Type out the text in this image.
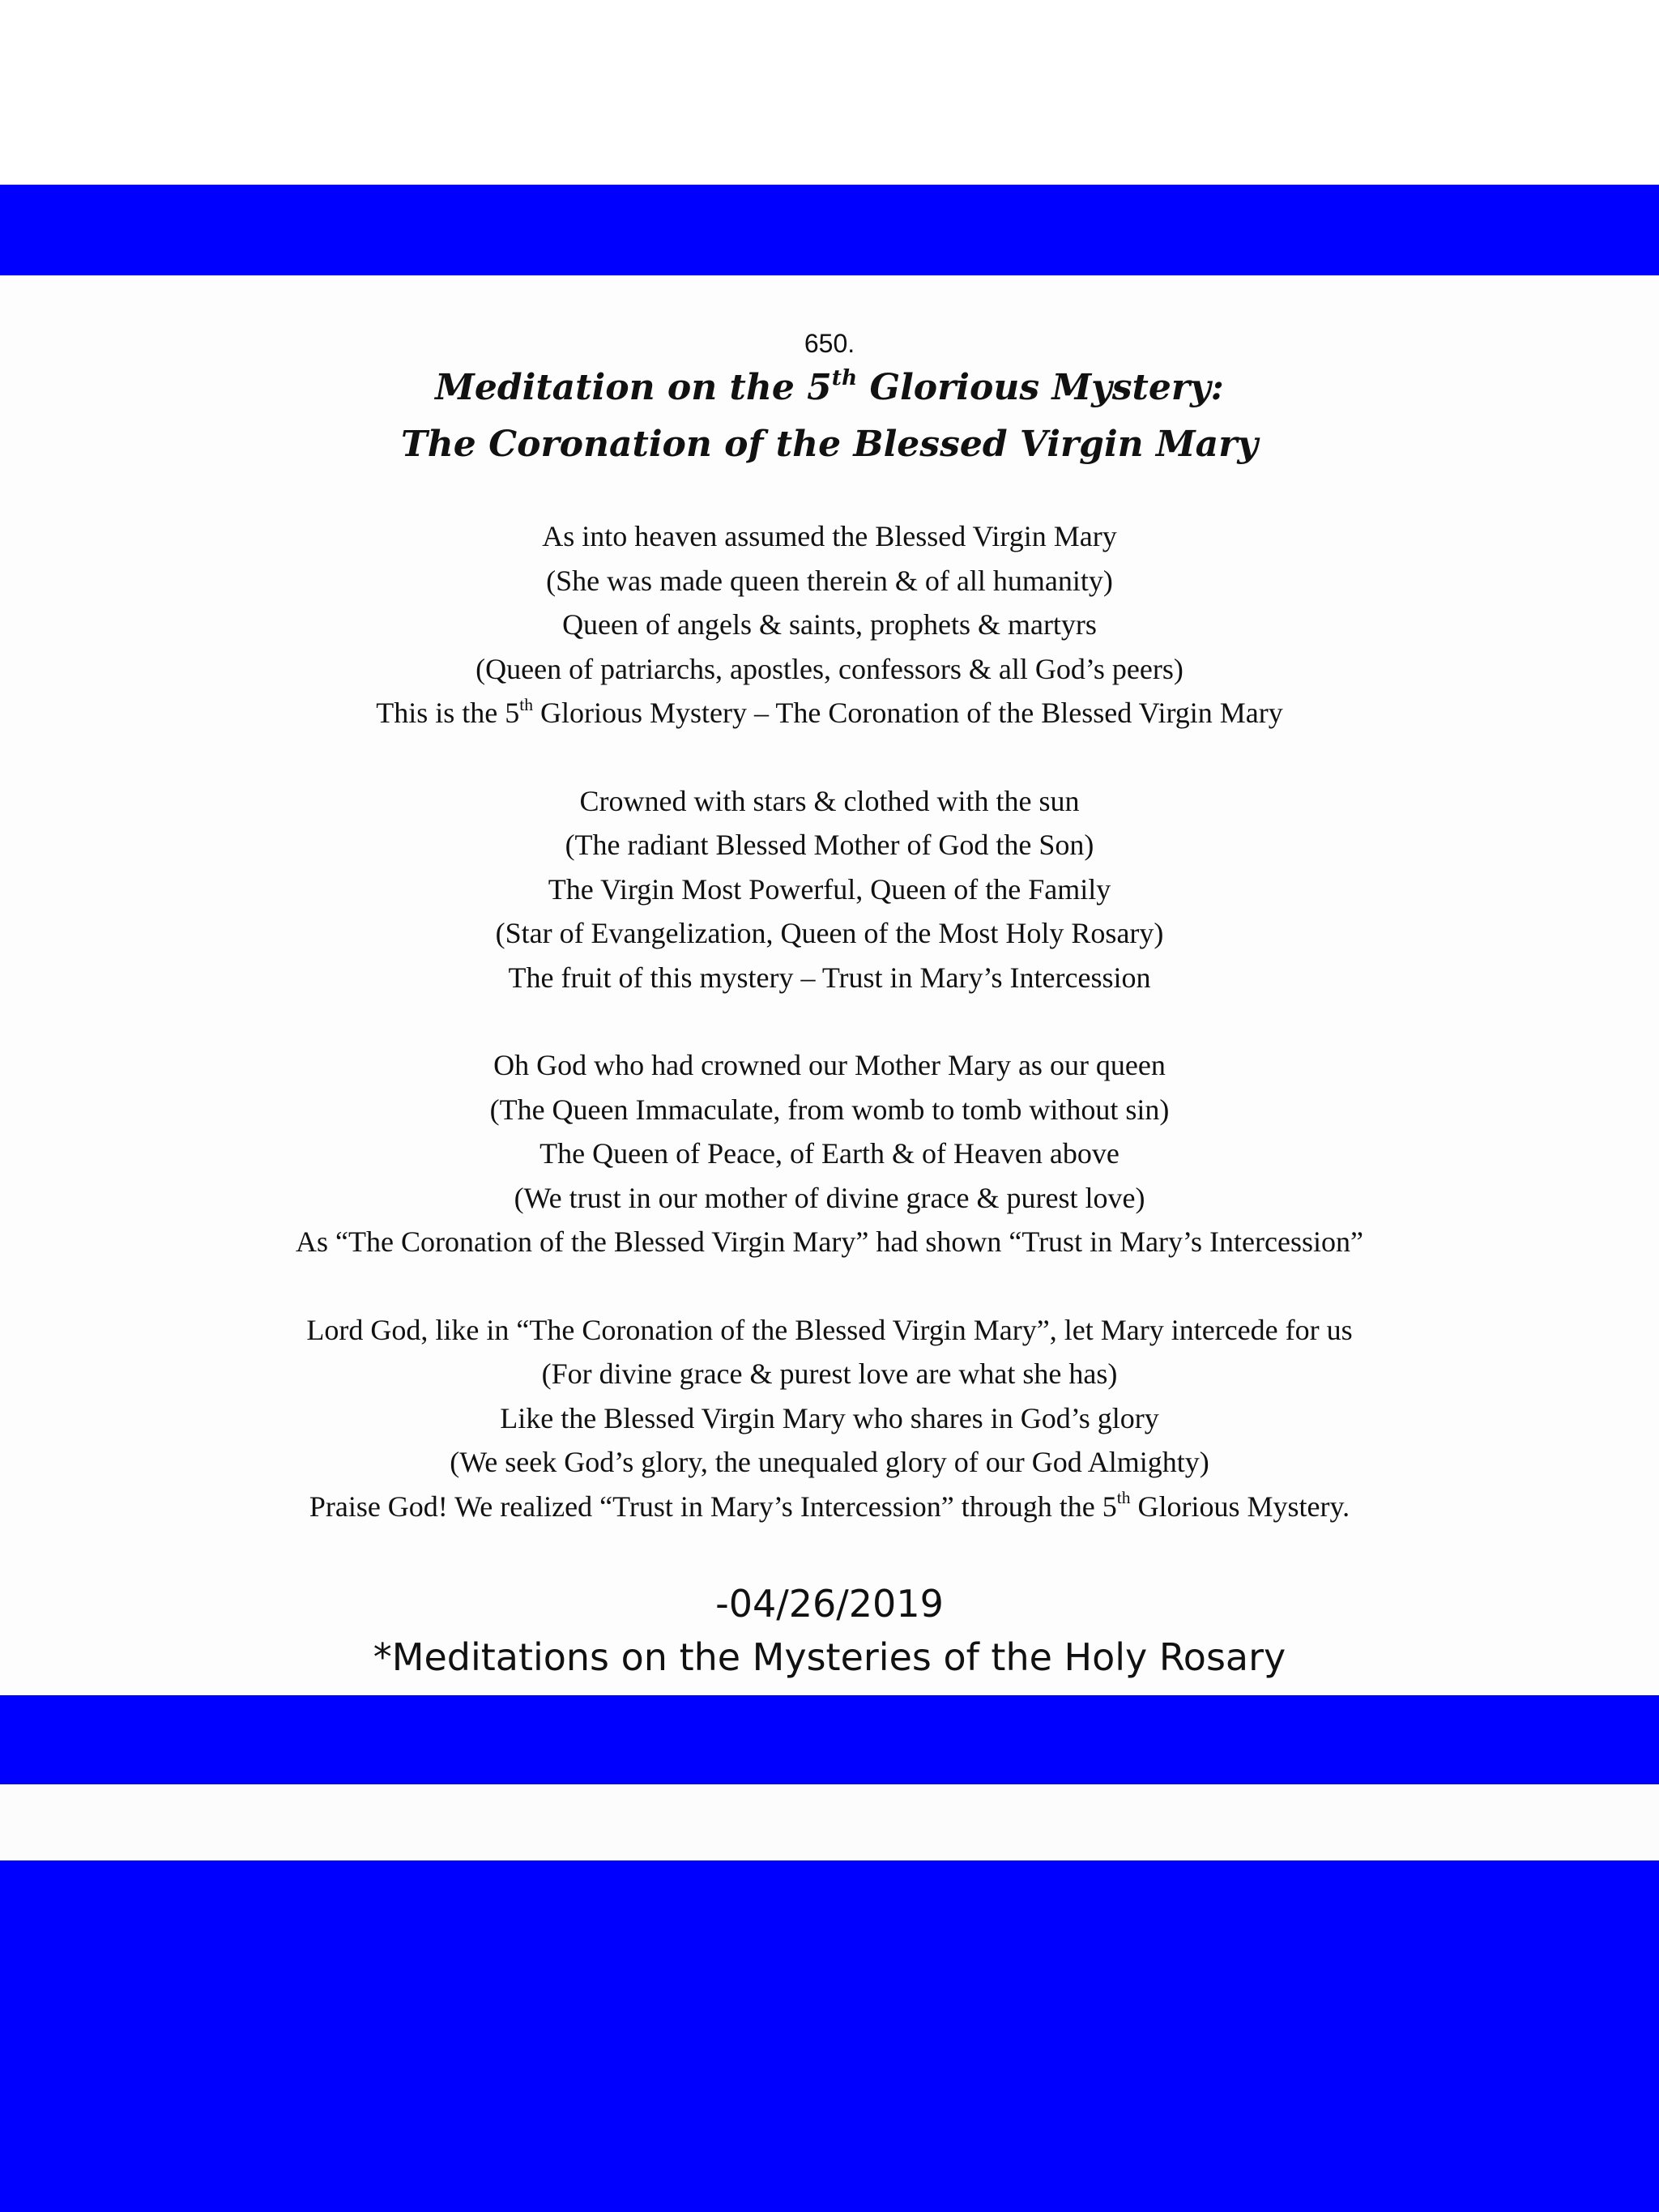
650.
Meditation on the 5th Glorious Mystery:
The Coronation of the Blessed Virgin Mary
As into heaven assumed the Blessed Virgin Mary
(She was made queen therein & of all humanity)
Queen of angels & saints, prophets & martyrs
(Queen of patriarchs, apostles, confessors & all God’s peers)
This is the 5th Glorious Mystery – The Coronation of the Blessed Virgin Mary
Crowned with stars & clothed with the sun
(The radiant Blessed Mother of God the Son)
The Virgin Most Powerful, Queen of the Family
(Star of Evangelization, Queen of the Most Holy Rosary)
The fruit of this mystery – Trust in Mary’s Intercession
Oh God who had crowned our Mother Mary as our queen
(The Queen Immaculate, from womb to tomb without sin)
The Queen of Peace, of Earth & of Heaven above
(We trust in our mother of divine grace & purest love)
As “The Coronation of the Blessed Virgin Mary” had shown “Trust in Mary’s Intercession”
Lord God, like in “The Coronation of the Blessed Virgin Mary”, let Mary intercede for us
(For divine grace & purest love are what she has)
Like the Blessed Virgin Mary who shares in God’s glory
(We seek God’s glory, the unequaled glory of our God Almighty)
Praise God! We realized “Trust in Mary’s Intercession” through the 5th Glorious Mystery.
-04/26/2019
*Meditations on the Mysteries of the Holy Rosary
